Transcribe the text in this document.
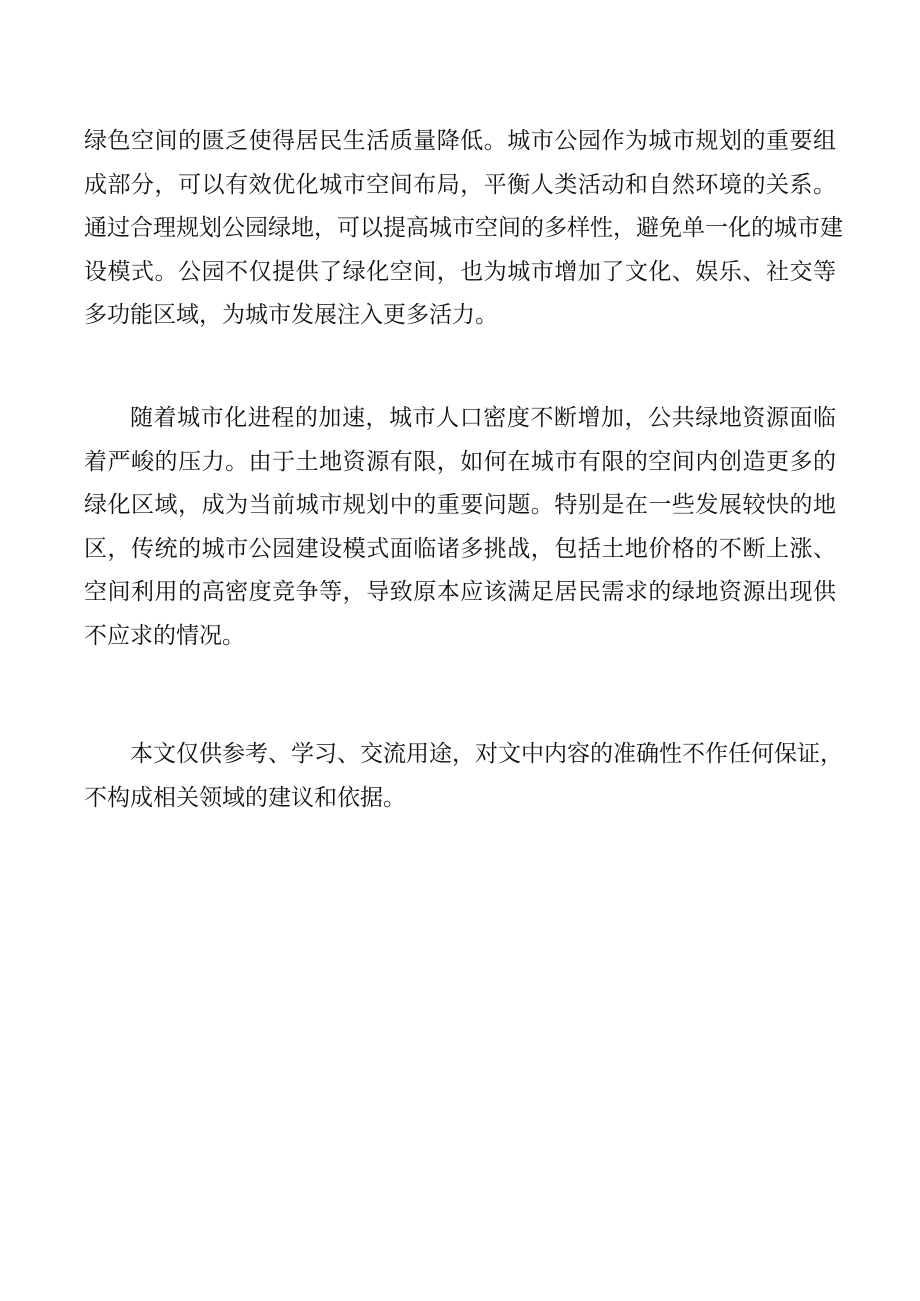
绿色空间的匮乏使得居民生活质量降低。城市公园作为城市规划的重要组
成部分，可以有效优化城市空间布局，平衡人类活动和自然环境的关系。
通过合理规划公园绿地，可以提高城市空间的多样性，避免单一化的城市建
设模式。公园不仅提供了绿化空间，也为城市增加了文化、娱乐、社交等
多功能区域，为城市发展注入更多活力。
随着城市化进程的加速，城市人口密度不断增加，公共绿地资源面临
着严峻的压力。由于土地资源有限，如何在城市有限的空间内创造更多的
绿化区域，成为当前城市规划中的重要问题。特别是在一些发展较快的地
区，传统的城市公园建设模式面临诸多挑战，包括土地价格的不断上涨、
空间利用的高密度竞争等，导致原本应该满足居民需求的绿地资源出现供
不应求的情况。
本文仅供参考、学习、交流用途，对文中内容的准确性不作任何保证，
不构成相关领域的建议和依据。
